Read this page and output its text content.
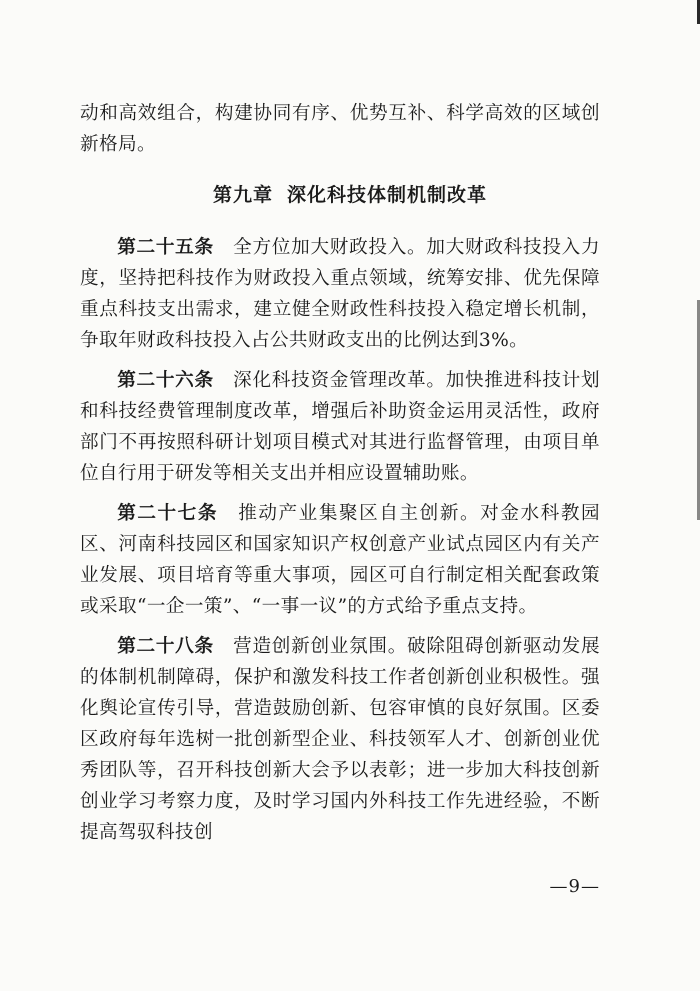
动和高效组合，构建协同有序、优势互补、科学高效的区域创新格局。

第九章 深化科技体制机制改革

第二十五条　 全方位加大财政投入。加大财政科技投入力度，坚持把科技作为财政投入重点领域，统筹安排、优先保障重点科技支出需求，建立健全财政性科技投入稳定增长机制，争取年财政科技投入占公共财政支出的比例达到3%。

第二十六条　 深化科技资金管理改革。加快推进科技计划和科技经费管理制度改革，增强后补助资金运用灵活性，政府部门不再按照科研计划项目模式对其进行监督管理，由项目单位自行用于研发等相关支出并相应设置辅助账。

第二十七条　 推动产业集聚区自主创新。对金水科教园区、河南科技园区和国家知识产权创意产业试点园区内有关产业发展、项目培育等重大事项，园区可自行制定相关配套政策或采取“一企一策”、“一事一议”的方式给予重点支持。

第二十八条　 营造创新创业氛围。破除阻碍创新驱动发展的体制机制障碍，保护和激发科技工作者创新创业积极性。强化舆论宣传引导，营造鼓励创新、包容审慎的良好氛围。区委区政府每年选树一批创新型企业、科技领军人才、创新创业优秀团队等，召开科技创新大会予以表彰；进一步加大科技创新创业学习考察力度，及时学习国内外科技工作先进经验，不断提高驾驭科技创

—9—
